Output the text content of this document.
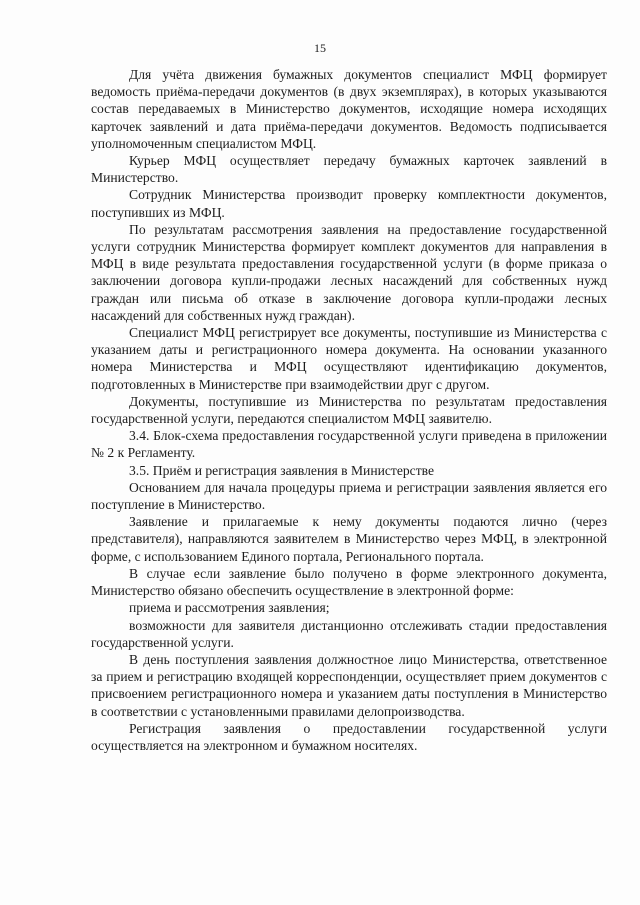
15

Для учёта движения бумажных документов специалист МФЦ формирует ведомость приёма-передачи документов (в двух экземплярах), в которых указываются состав передаваемых в Министерство документов, исходящие номера исходящих карточек заявлений и дата приёма-передачи документов. Ведомость подписывается уполномоченным специалистом МФЦ.

Курьер МФЦ осуществляет передачу бумажных карточек заявлений в Министерство.

Сотрудник Министерства производит проверку комплектности документов, поступивших из МФЦ.

По результатам рассмотрения заявления на предоставление государственной услуги сотрудник Министерства формирует комплект документов для направления в МФЦ в виде результата предоставления государственной услуги (в форме приказа о заключении договора купли-продажи лесных насаждений для собственных нужд граждан или письма об отказе в заключение договора купли-продажи лесных насаждений для собственных нужд граждан).

Специалист МФЦ регистрирует все документы, поступившие из Министерства с указанием даты и регистрационного номера документа. На основании указанного номера Министерства и МФЦ осуществляют идентификацию документов, подготовленных в Министерстве при взаимодействии друг с другом.

Документы, поступившие из Министерства по результатам предоставления государственной услуги, передаются специалистом МФЦ заявителю.

3.4. Блок-схема предоставления государственной услуги приведена в приложении № 2 к Регламенту.

3.5. Приём и регистрация заявления в Министерстве

Основанием для начала процедуры приема и регистрации заявления является его поступление в Министерство.

Заявление и прилагаемые к нему документы подаются лично (через представителя), направляются заявителем в Министерство через МФЦ, в электронной форме, с использованием Единого портала, Регионального портала.

В случае если заявление было получено в форме электронного документа, Министерство обязано обеспечить осуществление в электронной форме:

приема и рассмотрения заявления;

возможности для заявителя дистанционно отслеживать стадии предоставления государственной услуги.

В день поступления заявления должностное лицо Министерства, ответственное за прием и регистрацию входящей корреспонденции, осуществляет прием документов с присвоением регистрационного номера и указанием даты поступления в Министерство в соответствии с установленными правилами делопроизводства.

Регистрация заявления о предоставлении государственной услуги осуществляется на электронном и бумажном носителях.
